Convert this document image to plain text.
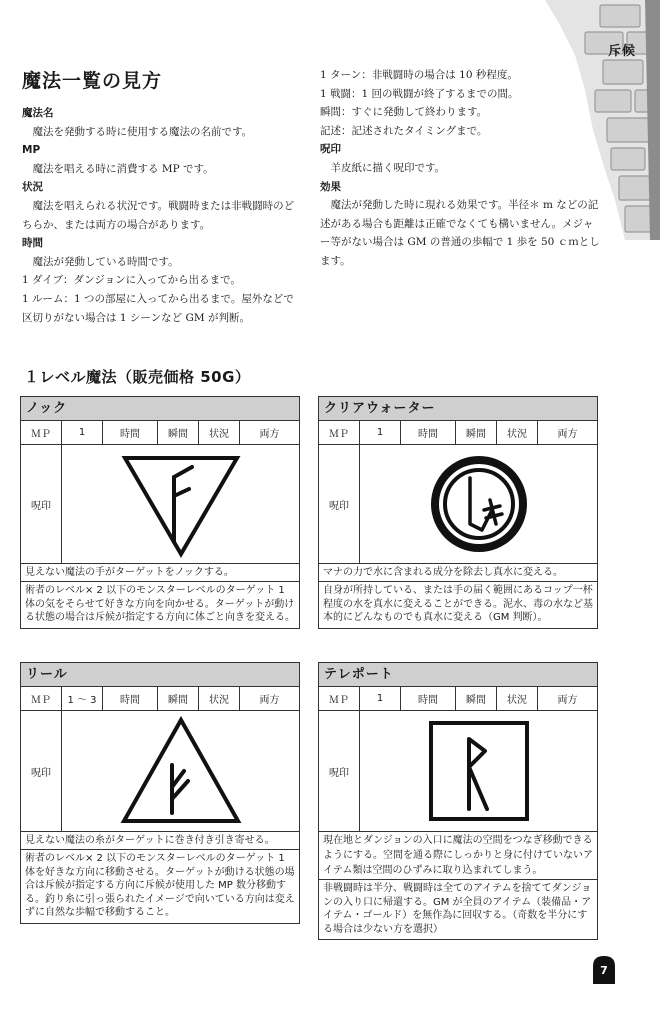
斥候
魔法一覧の見方
魔法名
魔法を発動する時に使用する魔法の名前です。
MP
魔法を唱える時に消費する MP です。
状況
魔法を唱えられる状況です。戦闘時または非戦闘時のどちらか、または両方の場合があります。
時間
魔法が発動している時間です。
1 ダイブ：ダンジョンに入ってから出るまで。
1 ルーム：1 つの部屋に入ってから出るまで。屋外などで区切りがない場合は 1 シーンなど GM が判断。
1 ターン：非戦闘時の場合は 10 秒程度。
1 戦闘：1 回の戦闘が終了するまでの間。
瞬間：すぐに発動して終わります。
記述：記述されたタイミングまで。
呪印
羊皮紙に描く呪印です。
効果
魔法が発動した時に現れる効果です。半径＊ m などの記述がある場合も距離は正確でなくても構いません。メジャー等がない場合は GM の普通の歩幅で 1 歩を 50 ｃｍとします。
１レベル魔法（販売価格 50G）
ノック
ＭＰ	1	時間	瞬間	状況	両方
呪印
見えない魔法の手がターゲットをノックする。
術者のレベル× 2 以下のモンスターレベルのターゲット 1 体の気をそらせて好きな方向を向かせる。ターゲットが動ける状態の場合は斥候が指定する方向に体ごと向きを変える。
クリアウォーター
ＭＰ	1	時間	瞬間	状況	両方
呪印
マナの力で水に含まれる成分を除去し真水に変える。
自身が所持している、または手の届く範囲にあるコップ一杯程度の水を真水に変えることができる。泥水、毒の水など基本的にどんなものでも真水に変える（GM 判断）。
リール
ＭＰ	1 〜 3	時間	瞬間	状況	両方
呪印
見えない魔法の糸がターゲットに巻き付き引き寄せる。
術者のレベル× 2 以下のモンスターレベルのターゲット 1 体を好きな方向に移動させる。ターゲットが動ける状態の場合は斥候が指定する方向に斥候が使用した MP 数分移動する。釣り糸に引っ張られたイメージで向いている方向は変えずに自然な歩幅で移動すること。
テレポート
ＭＰ	1	時間	瞬間	状況	両方
呪印
現在地とダンジョンの入口に魔法の空間をつなぎ移動できるようにする。空間を通る際にしっかりと身に付けていないアイテム類は空間のひずみに取り込まれてしまう。
非戦闘時は半分、戦闘時は全てのアイテムを捨ててダンジョンの入り口に帰還する。GM が全員のアイテム（装備品・アイテム・ゴールド）を無作為に回収する。（奇数を半分にする場合は少ない方を選択）
7
